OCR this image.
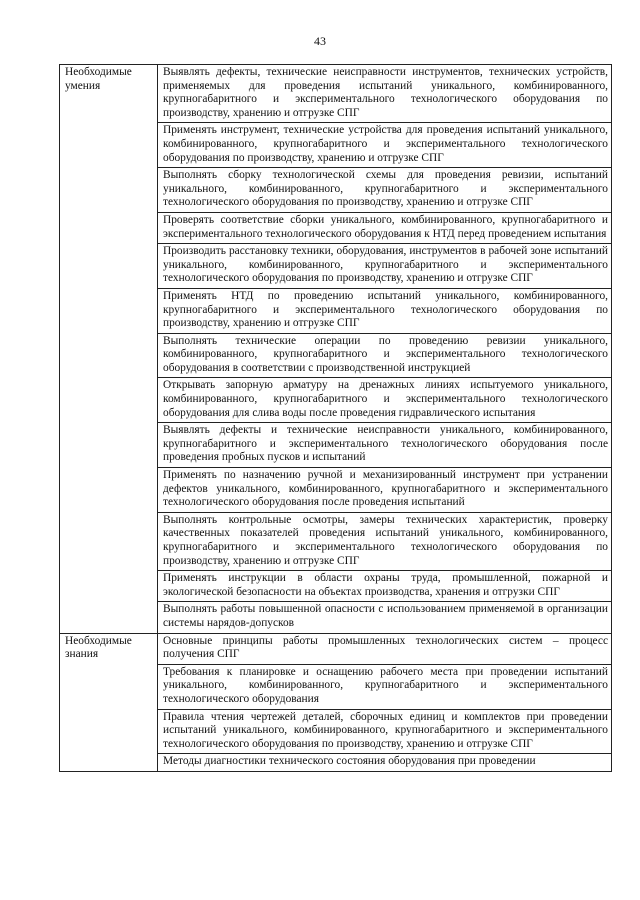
43
Необходимые умения	Выявлять дефекты, технические неисправности инструментов, технических устройств, применяемых для проведения испытаний уникального, комбинированного, крупногабаритного и экспериментального технологического оборудования по производству, хранению и отгрузке СПГ
	Применять инструмент, технические устройства для проведения испытаний уникального, комбинированного, крупногабаритного и экспериментального технологического оборудования по производству, хранению и отгрузке СПГ
	Выполнять сборку технологической схемы для проведения ревизии, испытаний уникального, комбинированного, крупногабаритного и экспериментального технологического оборудования по производству, хранению и отгрузке СПГ
	Проверять соответствие сборки уникального, комбинированного, крупногабаритного и экспериментального технологического оборудования к НТД перед проведением испытания
	Производить расстановку техники, оборудования, инструментов в рабочей зоне испытаний уникального, комбинированного, крупногабаритного и экспериментального технологического оборудования по производству, хранению и отгрузке СПГ
	Применять НТД по проведению испытаний уникального, комбинированного, крупногабаритного и экспериментального технологического оборудования по производству, хранению и отгрузке СПГ
	Выполнять технические операции по проведению ревизии уникального, комбинированного, крупногабаритного и экспериментального технологического оборудования в соответствии с производственной инструкцией
	Открывать запорную арматуру на дренажных линиях испытуемого уникального, комбинированного, крупногабаритного и экспериментального технологического оборудования для слива воды после проведения гидравлического испытания
	Выявлять дефекты и технические неисправности уникального, комбинированного, крупногабаритного и экспериментального технологического оборудования после проведения пробных пусков и испытаний
	Применять по назначению ручной и механизированный инструмент при устранении дефектов уникального, комбинированного, крупногабаритного и экспериментального технологического оборудования после проведения испытаний
	Выполнять контрольные осмотры, замеры технических характеристик, проверку качественных показателей проведения испытаний уникального, комбинированного, крупногабаритного и экспериментального технологического оборудования по производству, хранению и отгрузке СПГ
	Применять инструкции в области охраны труда, промышленной, пожарной и экологической безопасности на объектах производства, хранения и отгрузки СПГ
	Выполнять работы повышенной опасности с использованием применяемой в организации системы нарядов-допусков
Необходимые знания	Основные принципы работы промышленных технологических систем – процесс получения СПГ
	Требования к планировке и оснащению рабочего места при проведении испытаний уникального, комбинированного, крупногабаритного и экспериментального технологического оборудования
	Правила чтения чертежей деталей, сборочных единиц и комплектов при проведении испытаний уникального, комбинированного, крупногабаритного и экспериментального технологического оборудования по производству, хранению и отгрузке СПГ
	Методы диагностики технического состояния оборудования при проведении
